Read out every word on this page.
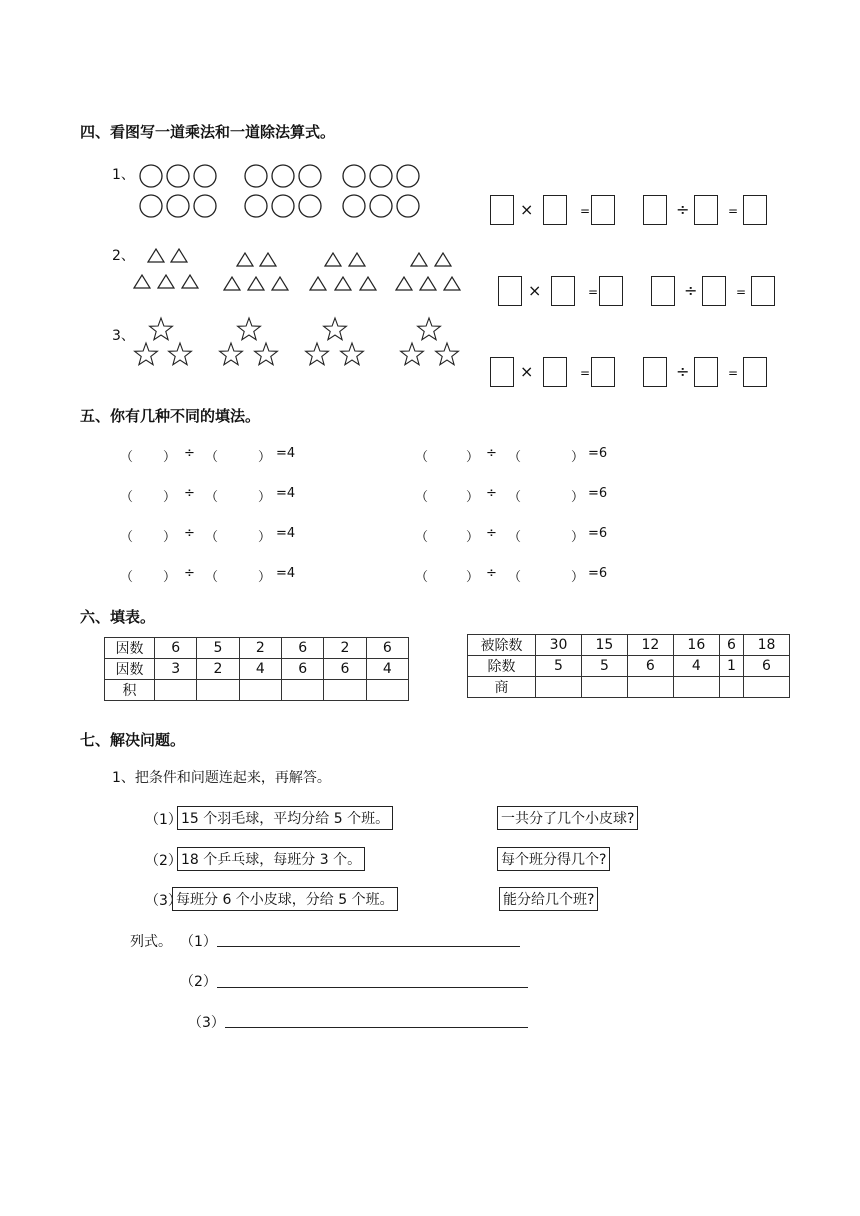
四、看图写一道乘法和一道除法算式。
1、
2、
3、
×	=	÷	=
×	=	÷	=
×	=	÷	=
五、你有几种不同的填法。
（ ） ÷ （	） =4	（	） ÷ （	） =6
（ ） ÷ （	） =4	（	） ÷ （	） =6
（ ） ÷ （	） =4	（	） ÷ （	） =6
（ ） ÷ （	） =4	（	） ÷ （	） =6
六、填表。
因数	6	5	2	6	2	6
因数	3	2	4	6	6	4
积						
被除数	30	15	12	16	6	18
除数	5	5	6	4	1	6
商						
七、解决问题。
1、把条件和问题连起来，再解答。
（1） 15 个羽毛球，平均分给 5 个班。
（2） 18 个乒乓球，每班分 3 个。
（3）
每班分 6 个小皮球，分给 5 个班。
一共分了几个小皮球?
每个班分得几个?
能分给几个班?
列式。 （1）
（2）
（3）
